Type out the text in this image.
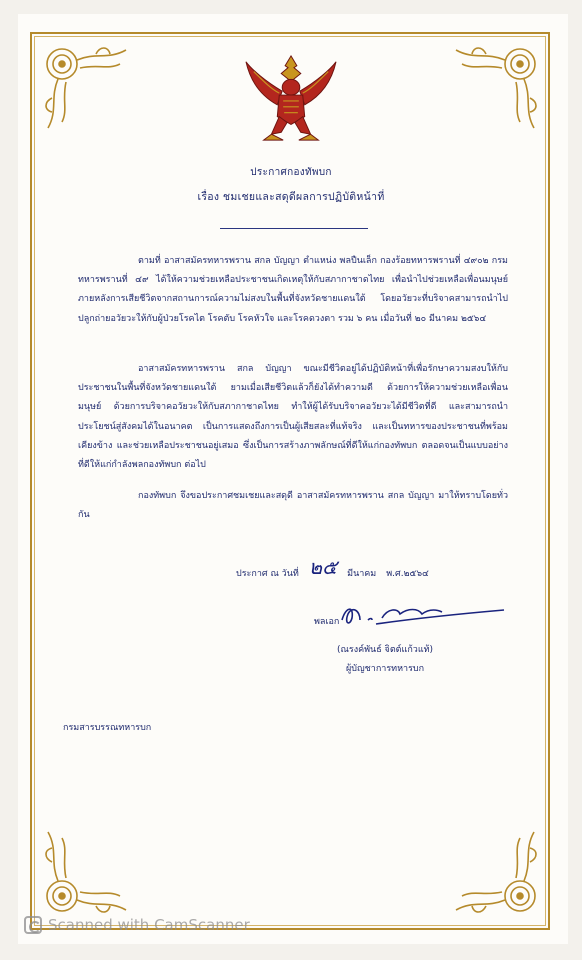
ประกาศกองทัพบก
เรื่อง ชมเชยและสดุดีผลการปฏิบัติหน้าที่
ตามที่ อาสาสมัครทหารพราน สกล บัญญา ตำแหน่ง พลปืนเล็ก กองร้อยทหารพรานที่ ๔๙๐๒ กรมทหารพรานที่ ๔๙ ได้ให้ความช่วยเหลือประชาชนเกิดเหตุให้กับสภากาชาดไทย เพื่อนำไปช่วยเหลือเพื่อนมนุษย์ ภายหลังการเสียชีวิตจากสถานการณ์ความไม่สงบในพื้นที่จังหวัดชายแดนใต้ โดยอวัยวะที่บริจาคสามารถนำไปปลูกถ่ายอวัยวะให้กับผู้ป่วยโรคไต โรคตับ โรคหัวใจ และโรคดวงตา รวม ๖ คน เมื่อวันที่ ๒๐ มีนาคม ๒๕๖๔
อาสาสมัครทหารพราน สกล บัญญา ขณะมีชีวิตอยู่ได้ปฏิบัติหน้าที่เพื่อรักษาความสงบให้กับประชาชนในพื้นที่จังหวัดชายแดนใต้ ยามเมื่อเสียชีวิตแล้วก็ยังได้ทำความดี ด้วยการให้ความช่วยเหลือเพื่อนมนุษย์ ด้วยการบริจาคอวัยวะให้กับสภากาชาดไทย ทำให้ผู้ได้รับบริจาคอวัยวะได้มีชีวิตที่ดี และสามารถนำประโยชน์สู่สังคมได้ในอนาคต เป็นการแสดงถึงการเป็นผู้เสียสละที่แท้จริง และเป็นทหารของประชาชนที่พร้อมเคียงข้าง และช่วยเหลือประชาชนอยู่เสมอ ซึ่งเป็นการสร้างภาพลักษณ์ที่ดีให้แก่กองทัพบก ตลอดจนเป็นแบบอย่างที่ดีให้แก่กำลังพลกองทัพบก ต่อไป
กองทัพบก จึงขอประกาศชมเชยและสดุดี อาสาสมัครทหารพราน สกล บัญญา มาให้ทราบโดยทั่วกัน
ประกาศ ณ วันที่ ๒๕ มีนาคม พ.ศ.๒๕๖๔
พลเอก
(ณรงค์พันธ์ จิตต์แก้วแท้)
ผู้บัญชาการทหารบก
กรมสารบรรณทหารบก
Scanned with CamScanner
